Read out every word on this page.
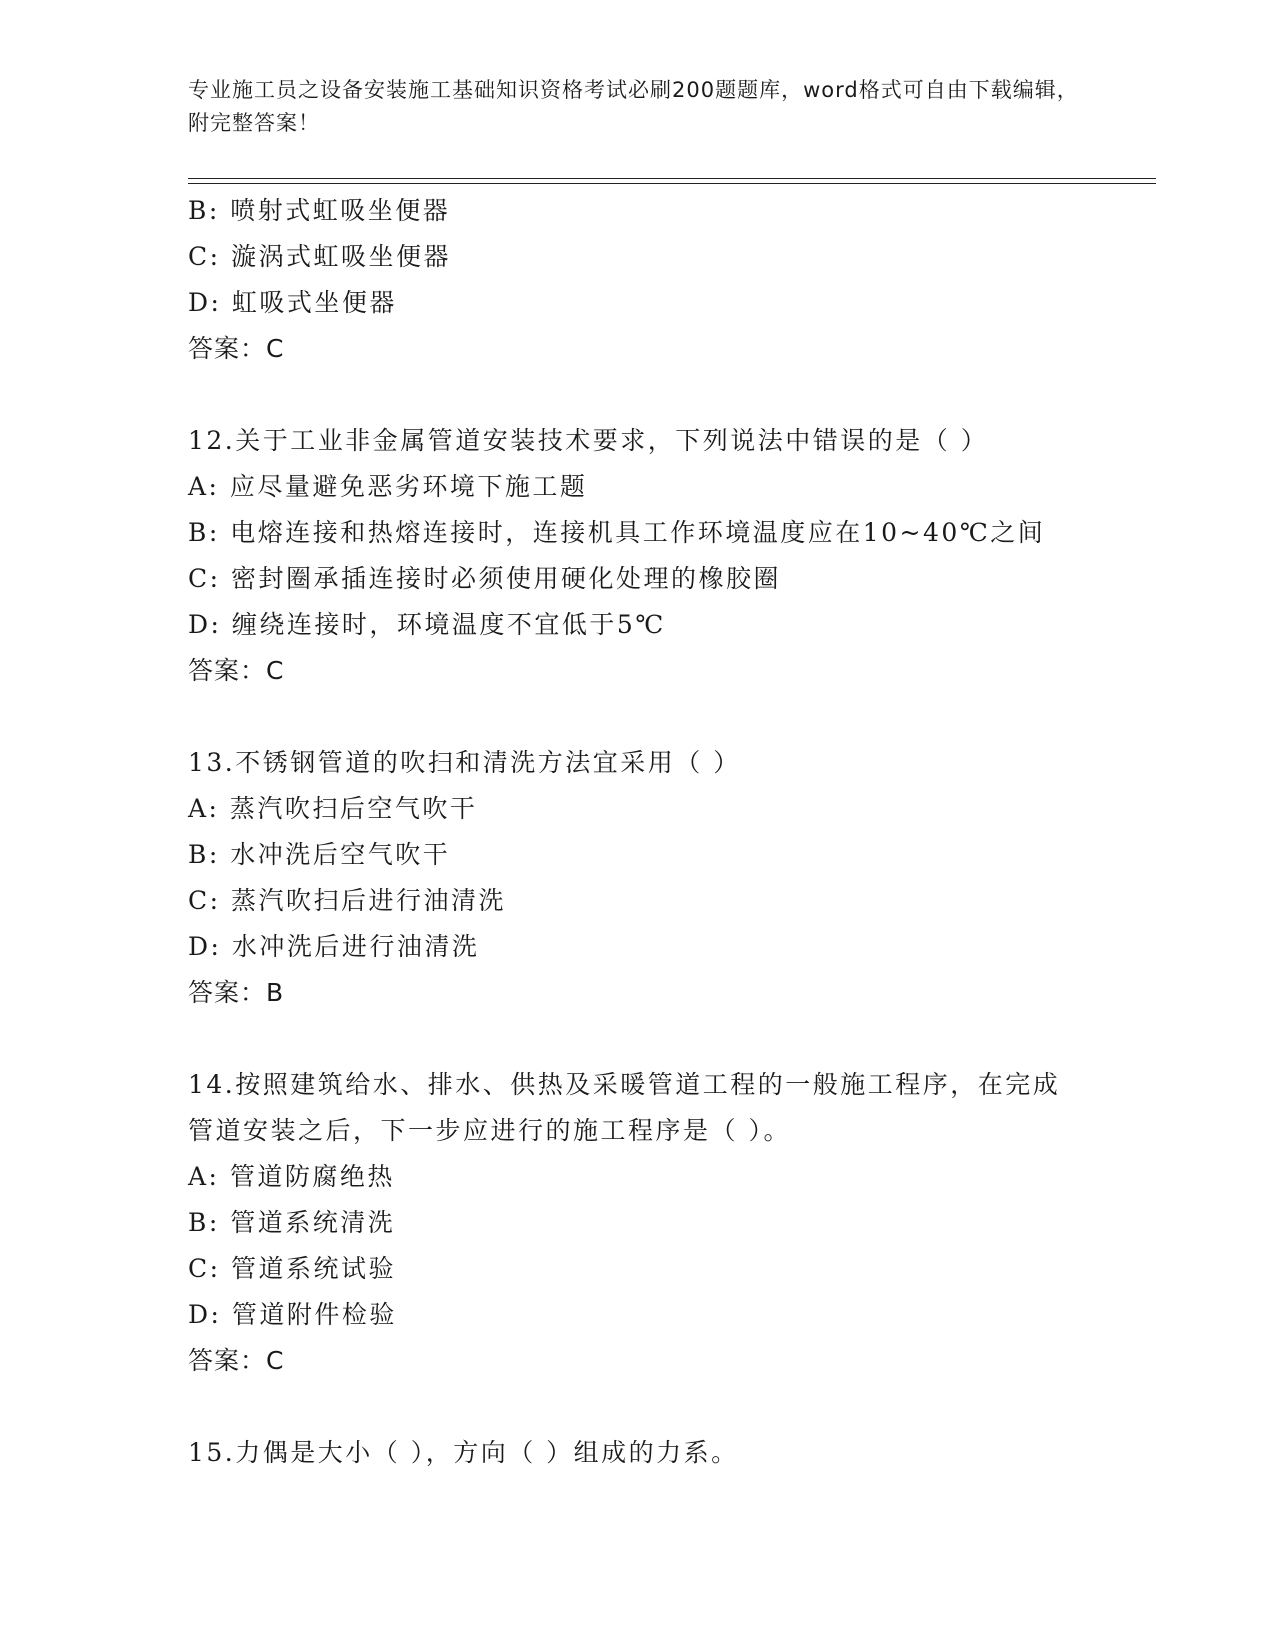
专业施工员之设备安装施工基础知识资格考试必刷200题题库，word格式可自由下载编辑，附完整答案！
B: 喷射式虹吸坐便器
C: 漩涡式虹吸坐便器
D: 虹吸式坐便器
答案：C
12.关于工业非金属管道安装技术要求，下列说法中错误的是（ ）
A: 应尽量避免恶劣环境下施工题
B: 电熔连接和热熔连接时，连接机具工作环境温度应在10~40℃之间
C: 密封圈承插连接时必须使用硬化处理的橡胶圈
D: 缠绕连接时，环境温度不宜低于5℃
答案：C
13.不锈钢管道的吹扫和清洗方法宜采用（ ）
A: 蒸汽吹扫后空气吹干
B: 水冲洗后空气吹干
C: 蒸汽吹扫后进行油清洗
D: 水冲洗后进行油清洗
答案：B
14.按照建筑给水、排水、供热及采暖管道工程的一般施工程序，在完成管道安装之后，下一步应进行的施工程序是（ ）。
A: 管道防腐绝热
B: 管道系统清洗
C: 管道系统试验
D: 管道附件检验
答案：C
15.力偶是大小（ ），方向（ ）组成的力系。
